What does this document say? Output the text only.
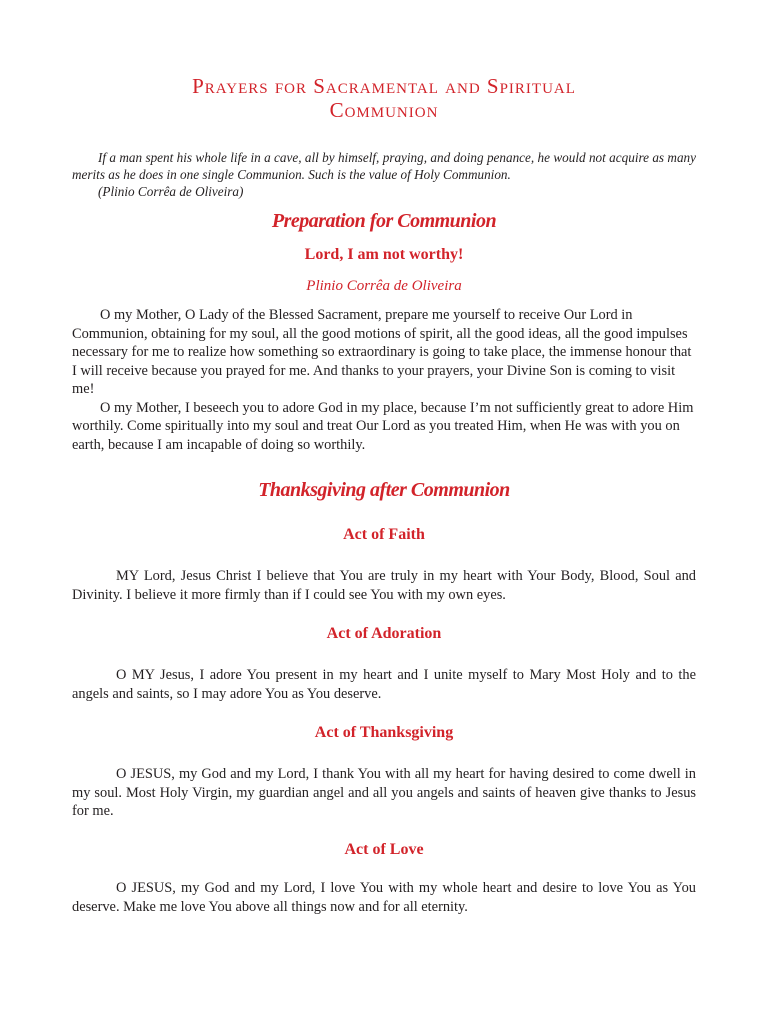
Prayers for Sacramental and Spiritual
Communion

If a man spent his whole life in a cave, all by himself, praying, and doing penance, he would not acquire as many merits as he does in one single Communion. Such is the value of Holy Communion.

(Plinio Corrêa de Oliveira)

Preparation for Communion
Lord, I am not worthy!
Plinio Corrêa de Oliveira

O my Mother, O Lady of the Blessed Sacrament, prepare me yourself to receive Our Lord in Communion, obtaining for my soul, all the good motions of spirit, all the good ideas, all the good impulses necessary for me to realize how something so extraordinary is going to take place, the immense honour that I will receive because you prayed for me. And thanks to your prayers, your Divine Son is coming to visit me!

O my Mother, I beseech you to adore God in my place, because I’m not sufficiently great to adore Him worthily. Come spiritually into my soul and treat Our Lord as you treated Him, when He was with you on earth, because I am incapable of doing so worthily.

Thanksgiving after Communion
Act of Faith

MY Lord, Jesus Christ I believe that You are truly in my heart with Your Body, Blood, Soul and Divinity. I believe it more firmly than if I could see You with my own eyes.

Act of Adoration

O MY Jesus, I adore You present in my heart and I unite myself to Mary Most Holy and to the angels and saints, so I may adore You as You deserve.

Act of Thanksgiving

O JESUS, my God and my Lord, I thank You with all my heart for having desired to come dwell in my soul. Most Holy Virgin, my guardian angel and all you angels and saints of heaven give thanks to Jesus for me.

Act of Love

O JESUS, my God and my Lord, I love You with my whole heart and desire to love You as You deserve. Make me love You above all things now and for all eternity.
